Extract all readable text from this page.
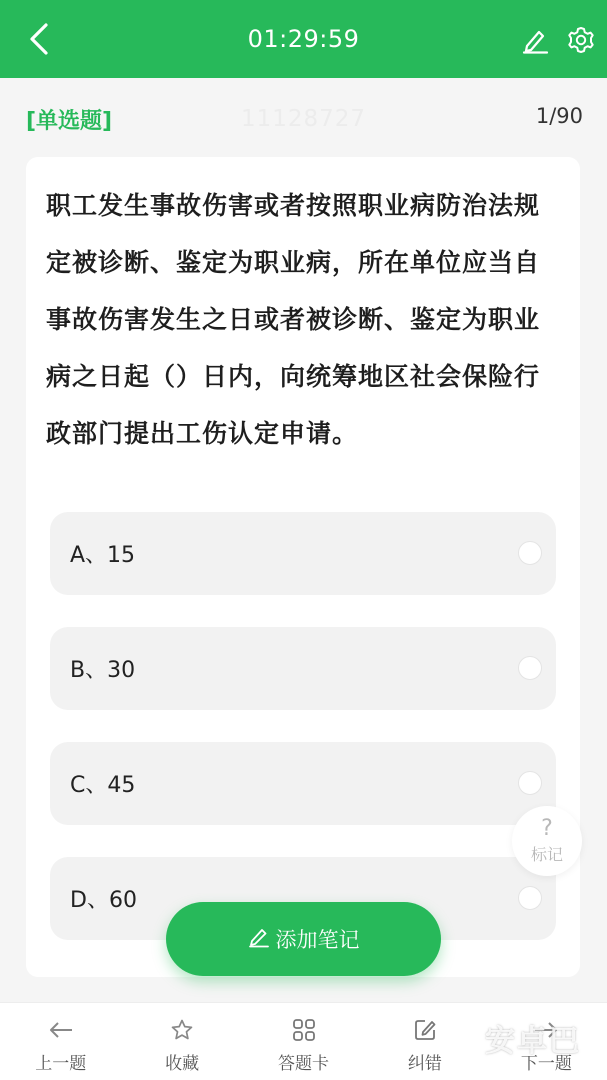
01:29:59
[单选题]	11128727	1/90
职工发生事故伤害或者按照职业病防治法规定被诊断、鉴定为职业病，所在单位应当自事故伤害发生之日或者被诊断、鉴定为职业病之日起（）日内，向统筹地区社会保险行政部门提出工伤认定申请。
A、15
B、30
C、45
D、60
?
标记
添加笔记
上一题	收藏	答题卡	纠错	下一题
安卓巴
